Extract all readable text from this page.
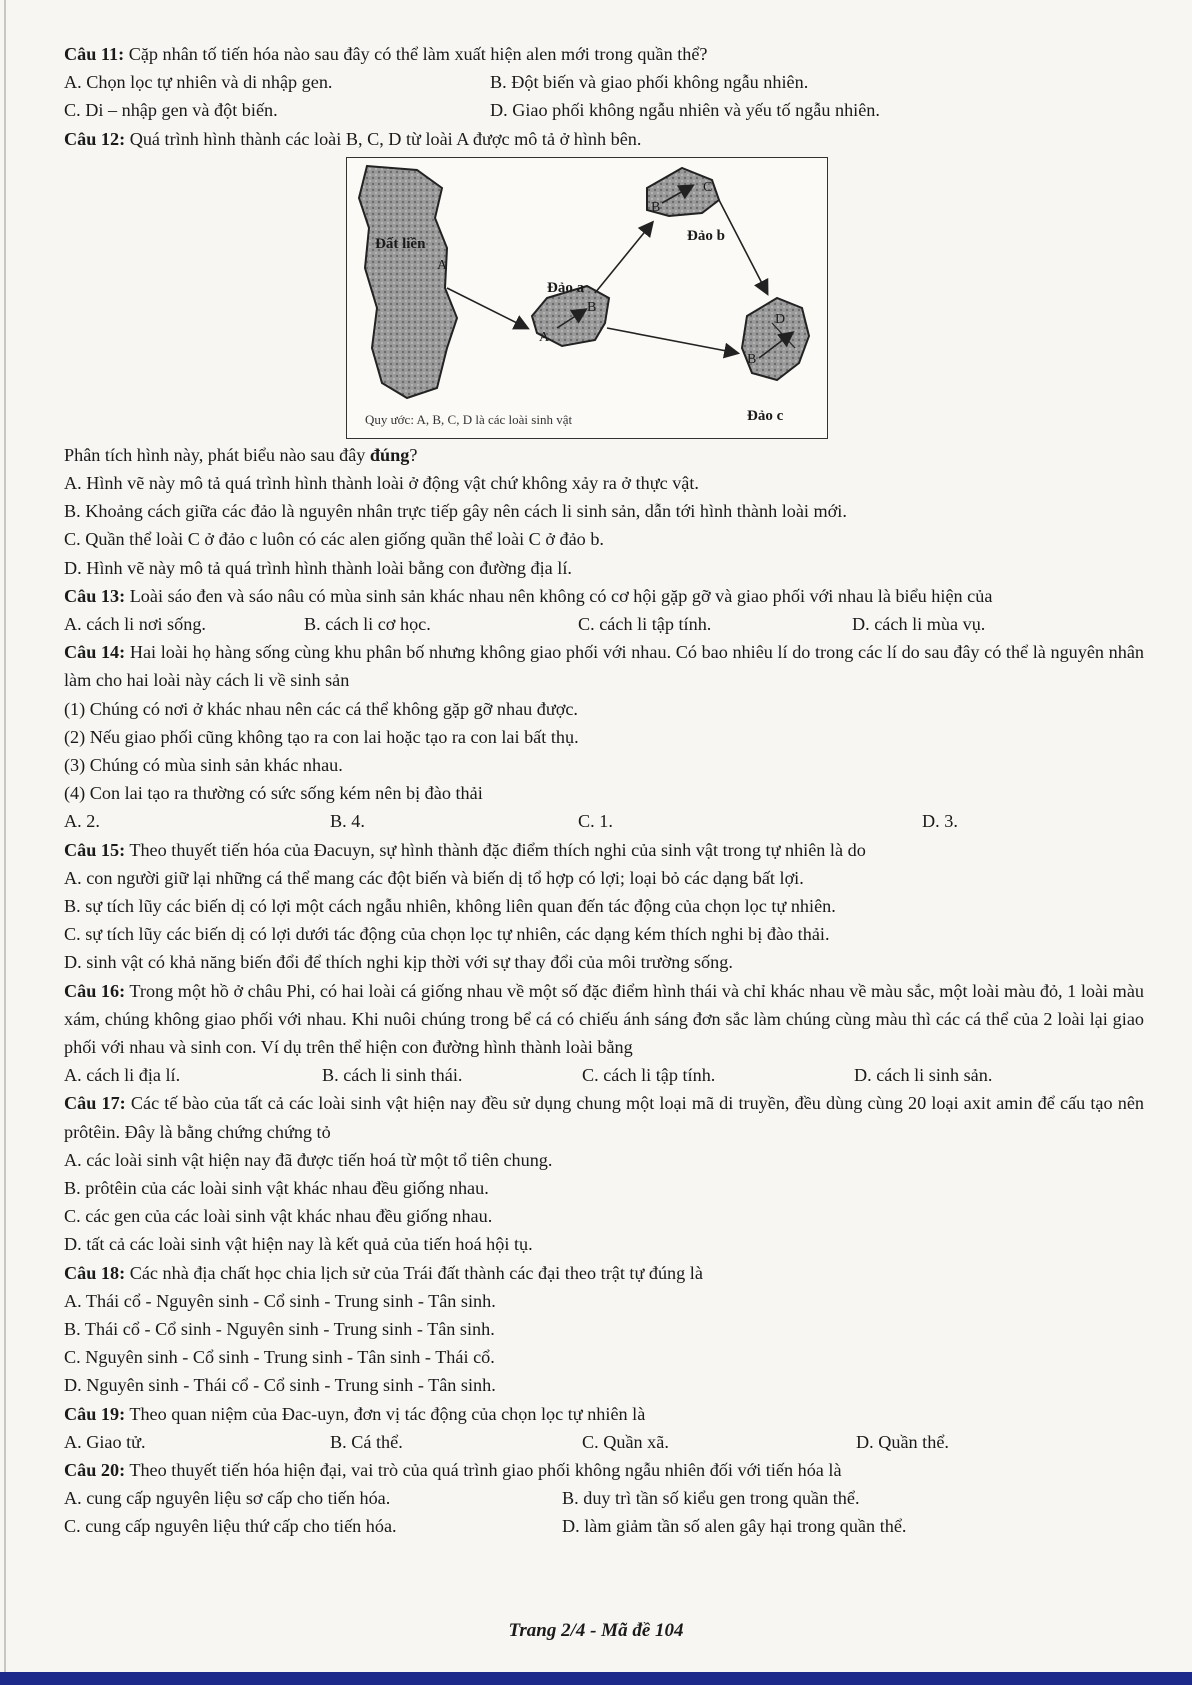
Câu 11: Cặp nhân tố tiến hóa nào sau đây có thể làm xuất hiện alen mới trong quần thể?
A. Chọn lọc tự nhiên và di nhập gen.	B. Đột biến và giao phối không ngẫu nhiên.
C. Di – nhập gen và đột biến.	D. Giao phối không ngẫu nhiên và yếu tố ngẫu nhiên.
Câu 12: Quá trình hình thành các loài B, C, D từ loài A được mô tả ở hình bên.
Đất liền
A
Đảo a
A
B
Đảo b
B
C
D
B
Đảo c
Quy ước: A, B, C, D là các loài sinh vật
Phân tích hình này, phát biểu nào sau đây đúng?
A. Hình vẽ này mô tả quá trình hình thành loài ở động vật chứ không xảy ra ở thực vật.
B. Khoảng cách giữa các đảo là nguyên nhân trực tiếp gây nên cách li sinh sản, dẫn tới hình thành loài mới.
C. Quần thể loài C ở đảo c luôn có các alen giống quần thể loài C ở đảo b.
D. Hình vẽ này mô tả quá trình hình thành loài bằng con đường địa lí.
Câu 13: Loài sáo đen và sáo nâu có mùa sinh sản khác nhau nên không có cơ hội gặp gỡ và giao phối với nhau là biểu hiện của
A. cách li nơi sống.	B. cách li cơ học.	C. cách li tập tính.	D. cách li mùa vụ.
Câu 14: Hai loài họ hàng sống cùng khu phân bố nhưng không giao phối với nhau. Có bao nhiêu lí do trong các lí do sau đây có thể là nguyên nhân làm cho hai loài này cách li về sinh sản
(1) Chúng có nơi ở khác nhau nên các cá thể không gặp gỡ nhau được.
(2) Nếu giao phối cũng không tạo ra con lai hoặc tạo ra con lai bất thụ.
(3) Chúng có mùa sinh sản khác nhau.
(4) Con lai tạo ra thường có sức sống kém nên bị đào thải
A. 2.	B. 4.	C. 1.	D. 3.
Câu 15: Theo thuyết tiến hóa của Đacuyn, sự hình thành đặc điểm thích nghi của sinh vật trong tự nhiên là do
A. con người giữ lại những cá thể mang các đột biến và biến dị tổ hợp có lợi; loại bỏ các dạng bất lợi.
B. sự tích lũy các biến dị có lợi một cách ngẫu nhiên, không liên quan đến tác động của chọn lọc tự nhiên.
C. sự tích lũy các biến dị có lợi dưới tác động của chọn lọc tự nhiên, các dạng kém thích nghi bị đào thải.
D. sinh vật có khả năng biến đổi để thích nghi kịp thời với sự thay đổi của môi trường sống.
Câu 16: Trong một hồ ở châu Phi, có hai loài cá giống nhau về một số đặc điểm hình thái và chỉ khác nhau về màu sắc, một loài màu đỏ, 1 loài màu xám, chúng không giao phối với nhau. Khi nuôi chúng trong bể cá có chiếu ánh sáng đơn sắc làm chúng cùng màu thì các cá thể của 2 loài lại giao phối với nhau và sinh con. Ví dụ trên thể hiện con đường hình thành loài bằng
A. cách li địa lí.	B. cách li sinh thái.	C. cách li tập tính.	D. cách li sinh sản.
Câu 17: Các tế bào của tất cả các loài sinh vật hiện nay đều sử dụng chung một loại mã di truyền, đều dùng cùng 20 loại axit amin để cấu tạo nên prôtêin. Đây là bằng chứng chứng tỏ
A. các loài sinh vật hiện nay đã được tiến hoá từ một tổ tiên chung.
B. prôtêin của các loài sinh vật khác nhau đều giống nhau.
C. các gen của các loài sinh vật khác nhau đều giống nhau.
D. tất cả các loài sinh vật hiện nay là kết quả của tiến hoá hội tụ.
Câu 18: Các nhà địa chất học chia lịch sử của Trái đất thành các đại theo trật tự đúng là
A. Thái cổ - Nguyên sinh - Cổ sinh - Trung sinh - Tân sinh.
B. Thái cổ - Cổ sinh - Nguyên sinh - Trung sinh - Tân sinh.
C. Nguyên sinh - Cổ sinh - Trung sinh - Tân sinh - Thái cổ.
D. Nguyên sinh - Thái cổ - Cổ sinh - Trung sinh - Tân sinh.
Câu 19: Theo quan niệm của Đac-uyn, đơn vị tác động của chọn lọc tự nhiên là
A. Giao tử.	B. Cá thể.	C. Quần xã.	D. Quần thể.
Câu 20: Theo thuyết tiến hóa hiện đại, vai trò của quá trình giao phối không ngẫu nhiên đối với tiến hóa là
A. cung cấp nguyên liệu sơ cấp cho tiến hóa.	B. duy trì tần số kiểu gen trong quần thể.
C. cung cấp nguyên liệu thứ cấp cho tiến hóa.	D. làm giảm tần số alen gây hại trong quần thể.
Trang 2/4 - Mã đề 104
